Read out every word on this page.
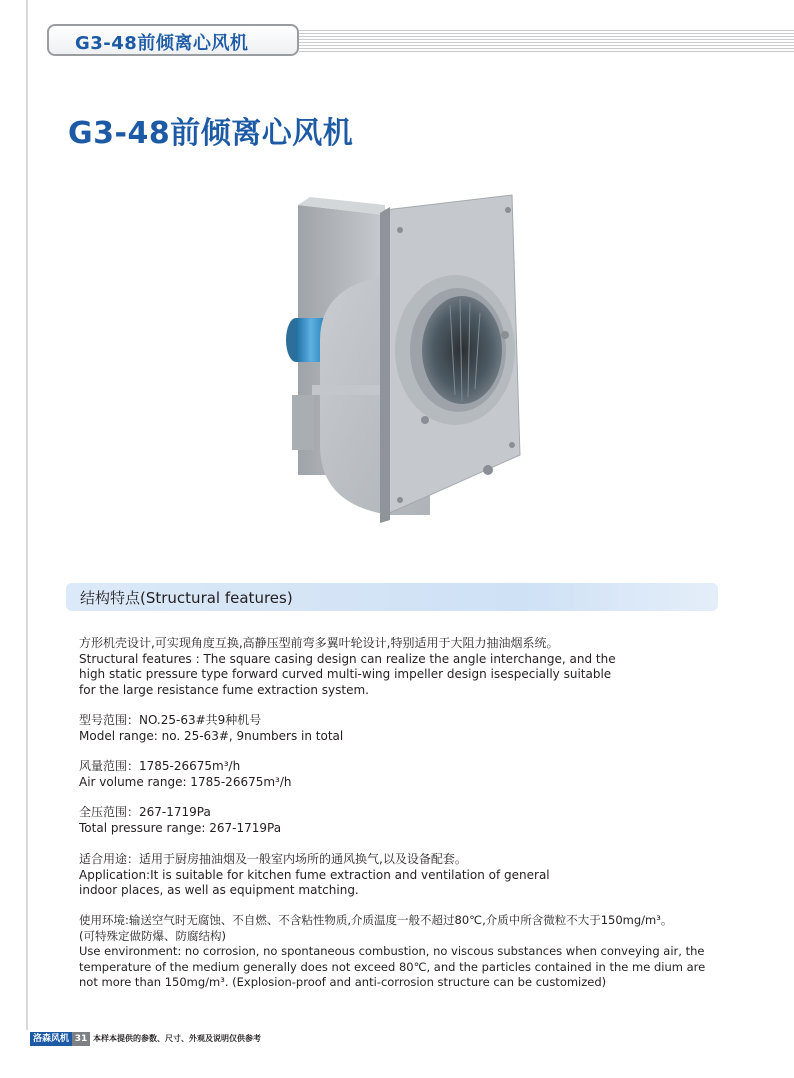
G3-48前倾离心风机
G3-48前倾离心风机
结构特点(Structural features)
方形机壳设计,可实现角度互换,高静压型前弯多翼叶轮设计,特别适用于大阻力抽油烟系统。
Structural features : The square casing design can realize the angle interchange, and the
high static pressure type forward curved multi-wing impeller design isespecially suitable
for the large resistance fume extraction system.
型号范围：NO.25-63#共9种机号
Model range: no. 25-63#, 9numbers in total
风量范围：1785-26675m³/h
Air volume range: 1785-26675m³/h
全压范围：267-1719Pa
Total pressure range: 267-1719Pa
适合用途：适用于厨房抽油烟及一般室内场所的通风换气,以及设备配套。
Application:It is suitable for kitchen fume extraction and ventilation of general
indoor places, as well as equipment matching.
使用环境:输送空气时无腐蚀、不自燃、不含粘性物质,介质温度一般不超过80℃,介质中所含微粒不大于150mg/m³。
(可特殊定做防爆、防腐结构)
Use environment: no corrosion, no spontaneous combustion, no viscous substances when conveying air, the
temperature of the medium generally does not exceed 80℃, and the particles contained in the me dium are
not more than 150mg/m³. (Explosion-proof and anti-corrosion structure can be customized)
洛森风机 31 本样本提供的参数、尺寸、外观及说明仅供参考
